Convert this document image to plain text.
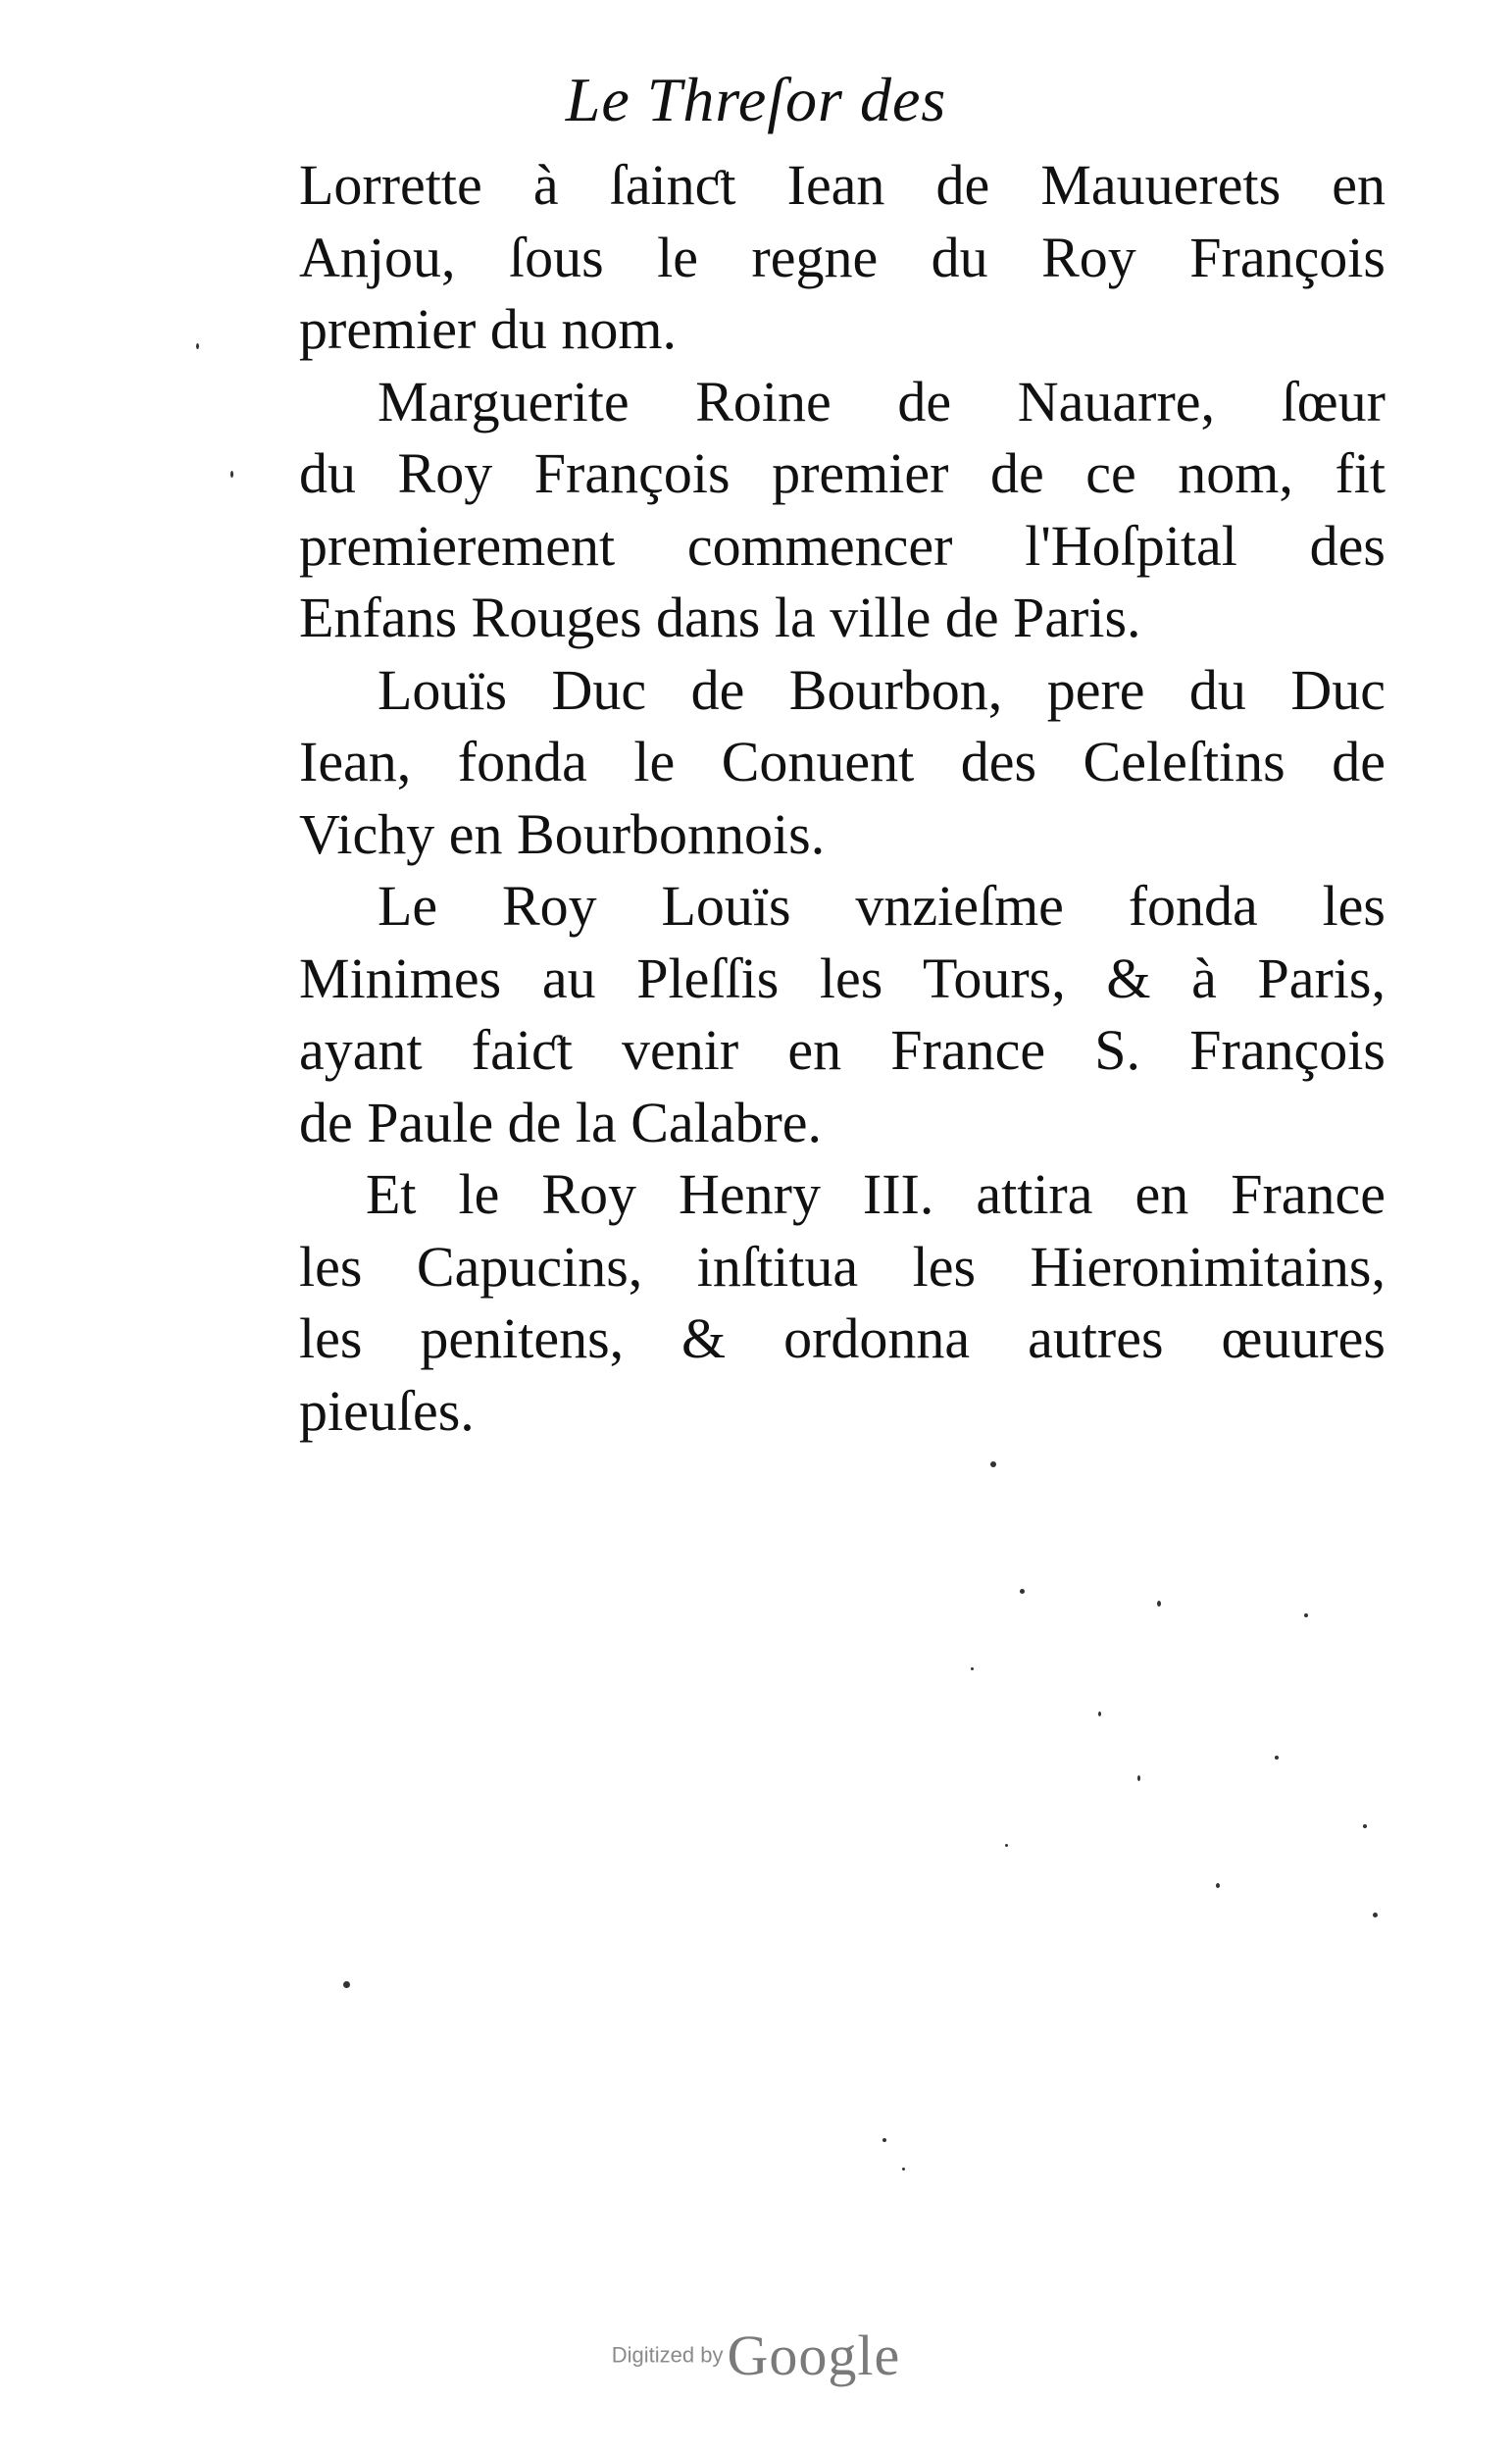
Le Threſor des
Lorrette à ſainƈt Iean de Mauuerets en
Anjou, ſous le regne du Roy François
premier du nom.
Marguerite Roine de Nauarre, ſœur
du Roy François premier de ce nom, fit
premierement commencer l'Hoſpital des
Enfans Rouges dans la ville de Paris.
Louïs Duc de Bourbon, pere du Duc
Iean, fonda le Conuent des Celeſtins de
Vichy en Bourbonnois.
Le Roy Louïs vnzieſme fonda les
Minimes au Pleſſis les Tours, & à Paris,
ayant faiƈt venir en France S. François
de Paule de la Calabre.
Et le Roy Henry III. attira en France
les Capucins, inſtitua les Hieronimitains,
les penitens, & ordonna autres œuures
pieuſes.
Digitized by Google
